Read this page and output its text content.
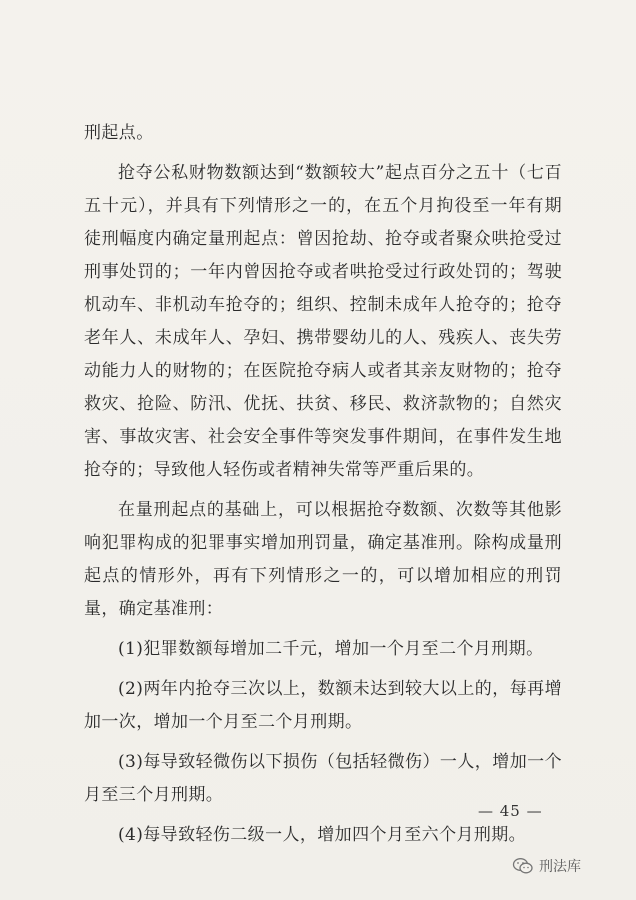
刑起点。

抢夺公私财物数额达到“数额较大”起点百分之五十（七百五十元），并具有下列情形之一的，在五个月拘役至一年有期徒刑幅度内确定量刑起点：曾因抢劫、抢夺或者聚众哄抢受过刑事处罚的；一年内曾因抢夺或者哄抢受过行政处罚的；驾驶机动车、非机动车抢夺的；组织、控制未成年人抢夺的；抢夺老年人、未成年人、孕妇、携带婴幼儿的人、残疾人、丧失劳动能力人的财物的；在医院抢夺病人或者其亲友财物的；抢夺救灾、抢险、防汛、优抚、扶贫、移民、救济款物的；自然灾害、事故灾害、社会安全事件等突发事件期间，在事件发生地抢夺的；导致他人轻伤或者精神失常等严重后果的。

在量刑起点的基础上，可以根据抢夺数额、次数等其他影响犯罪构成的犯罪事实增加刑罚量，确定基准刑。除构成量刑起点的情形外，再有下列情形之一的，可以增加相应的刑罚量，确定基准刑：

(1)犯罪数额每增加二千元，增加一个月至二个月刑期。

(2)两年内抢夺三次以上，数额未达到较大以上的，每再增加一次，增加一个月至二个月刑期。

(3)每导致轻微伤以下损伤（包括轻微伤）一人，增加一个月至三个月刑期。

(4)每导致轻伤二级一人，增加四个月至六个月刑期。

— 45 —
刑法库
